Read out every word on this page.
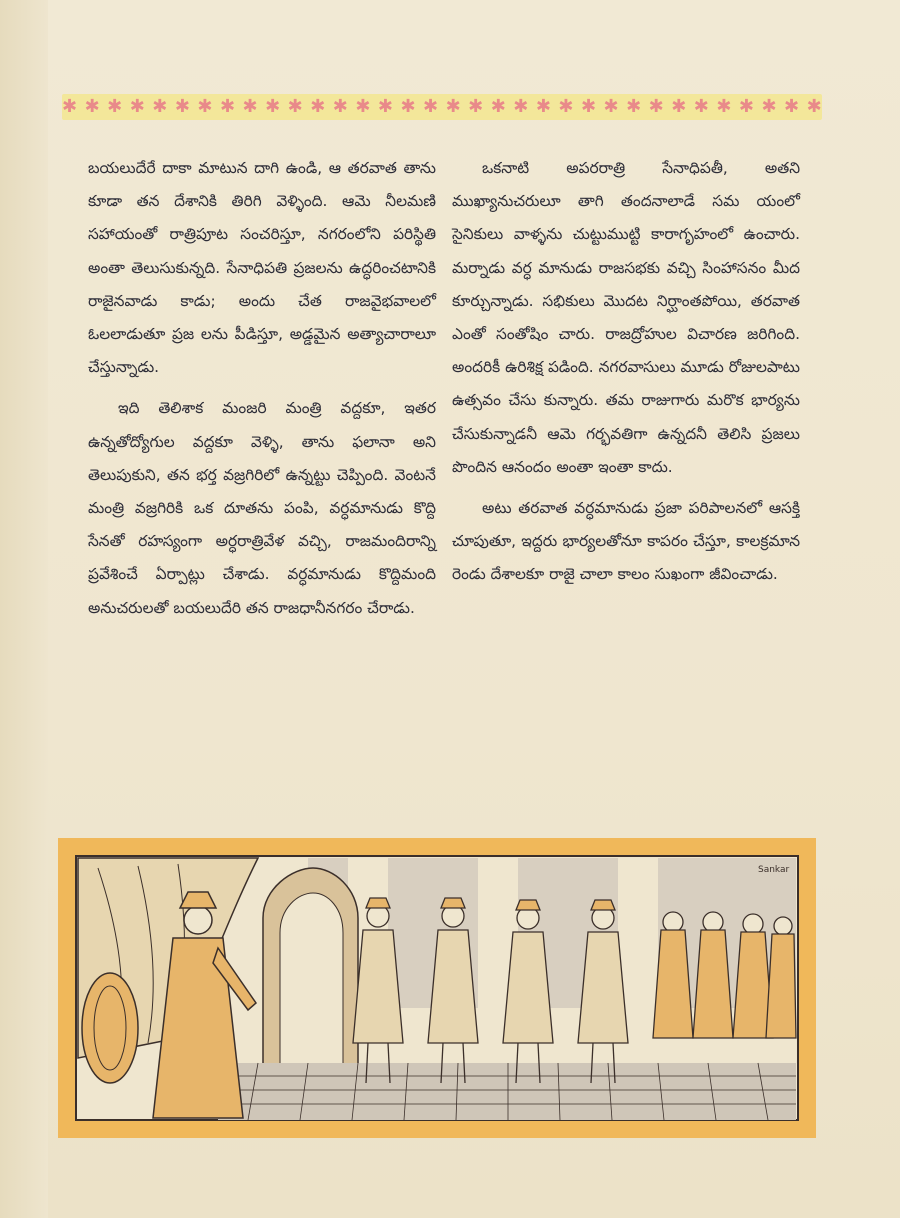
✱ ✱ ✱ ✱ ✱ ✱ ✱ ✱ ✱ ✱ ✱ ✱ ✱ ✱ ✱ ✱ ✱ ✱ ✱ ✱ ✱ ✱ ✱ ✱ ✱ ✱ ✱ ✱ ✱ ✱ ✱ ✱ ✱ ✱

బయలుదేరే దాకా మాటున దాగి ఉండి, ఆ తరవాత తాను కూడా తన దేశానికి తిరిగి వెళ్ళింది. ఆమె నీలమణి సహాయంతో రాత్రిపూట సంచరిస్తూ, నగరంలోని పరిస్థితి అంతా తెలుసుకున్నది. సేనాధిపతి ప్రజలను ఉద్ధరించటానికి రాజైనవాడు కాడు; అందు చేత రాజవైభవాలలో ఓలలాడుతూ ప్రజ లను పీడిస్తూ, అడ్డమైన అత్యాచారాలూ చేస్తున్నాడు.

ఇది తెలిశాక మంజరి మంత్రి వద్దకూ, ఇతర ఉన్నతోద్యోగుల వద్దకూ వెళ్ళి, తాను ఫలానా అని తెలుపుకుని, తన భర్త వజ్రగిరిలో ఉన్నట్టు చెప్పింది. వెంటనే మంత్రి వజ్రగిరికి ఒక దూతను పంపి, వర్ధమానుడు కొద్ది సేనతో రహస్యంగా అర్ధరాత్రివేళ వచ్చి, రాజమందిరాన్ని ప్రవేశించే ఏర్పాట్లు చేశాడు. వర్ధమానుడు కొద్దిమంది అనుచరులతో బయలుదేరి తన రాజధానీనగరం చేరాడు.

ఒకనాటి అపరరాత్రి సేనాధిపతీ, అతని ముఖ్యానుచరులూ తాగి తందనాలాడే సమ యంలో సైనికులు వాళ్ళను చుట్టుముట్టి కారాగృహంలో ఉంచారు. మర్నాడు వర్ధ మానుడు రాజసభకు వచ్చి సింహాసనం మీద కూర్చున్నాడు. సభికులు మొదట నిర్ఘాంతపోయి, తరవాత ఎంతో సంతోషిం చారు. రాజద్రోహుల విచారణ జరిగింది. అందరికీ ఉరిశిక్ష పడింది. నగరవాసులు మూడు రోజులపాటు ఉత్సవం చేసు కున్నారు. తమ రాజుగారు మరొక భార్యను చేసుకున్నాడనీ ఆమె గర్భవతిగా ఉన్నదనీ తెలిసి ప్రజలు పొందిన ఆనందం అంతా ఇంతా కాదు.

అటు తరవాత వర్ధమానుడు ప్రజా పరిపాలనలో ఆసక్తి చూపుతూ, ఇద్దరు భార్యలతోనూ కాపరం చేస్తూ, కాలక్రమాన రెండు దేశాలకూ రాజై చాలా కాలం సుఖంగా జీవించాడు.

Sankar
